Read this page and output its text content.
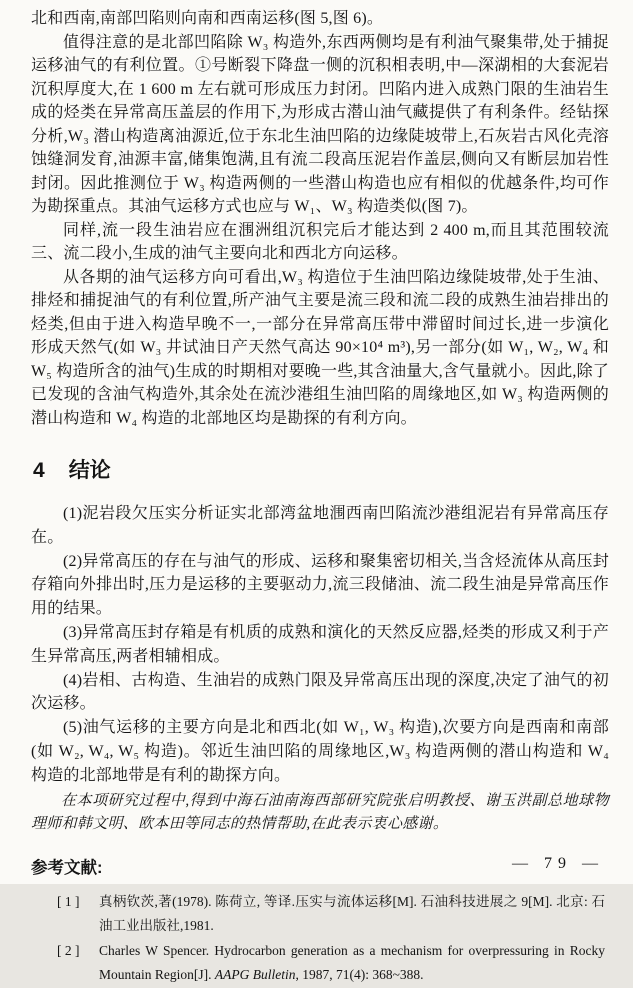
北和西南,南部凹陷则向南和西南运移(图 5,图 6)。

值得注意的是北部凹陷除 W₃ 构造外,东西两侧均是有利油气聚集带,处于捕捉运移油气的有利位置。①号断裂下降盘一侧的沉积相表明,中—深湖相的大套泥岩沉积厚度大,在 1 600 m 左右就可形成压力封闭。凹陷内进入成熟门限的生油岩生成的烃类在异常高压盖层的作用下,为形成古潜山油气藏提供了有利条件。经钻探分析,W₃ 潜山构造离油源近,位于东北生油凹陷的边缘陡坡带上,石灰岩古风化壳溶蚀缝洞发育,油源丰富,储集饱满,且有流二段高压泥岩作盖层,侧向又有断层加岩性封闭。因此推测位于 W₃ 构造两侧的一些潜山构造也应有相似的优越条件,均可作为勘探重点。其油气运移方式也应与 W₁、W₃ 构造类似(图 7)。

同样,流一段生油岩应在涠洲组沉积完后才能达到 2 400 m,而且其范围较流三、流二段小,生成的油气主要向北和西北方向运移。

从各期的油气运移方向可看出,W₃ 构造位于生油凹陷边缘陡坡带,处于生油、排烃和捕捉油气的有利位置,所产油气主要是流三段和流二段的成熟生油岩排出的烃类,但由于进入构造早晚不一,一部分在异常高压带中滞留时间过长,进一步演化形成天然气(如 W₃ 井试油日产天然气高达 90×10⁴ m³),另一部分(如 W₁, W₂, W₄ 和 W₅ 构造所含的油气)生成的时期相对要晚一些,其含油量大,含气量就小。因此,除了已发现的含油气构造外,其余处在流沙港组生油凹陷的周缘地区,如 W₃ 构造两侧的潜山构造和 W₄ 构造的北部地区均是勘探的有利方向。

4 结论

(1)泥岩段欠压实分析证实北部湾盆地涠西南凹陷流沙港组泥岩有异常高压存在。

(2)异常高压的存在与油气的形成、运移和聚集密切相关,当含烃流体从高压封存箱向外排出时,压力是运移的主要驱动力,流三段储油、流二段生油是异常高压作用的结果。

(3)异常高压封存箱是有机质的成熟和演化的天然反应器,烃类的形成又利于产生异常高压,两者相辅相成。

(4)岩相、古构造、生油岩的成熟门限及异常高压出现的深度,决定了油气的初次运移。

(5)油气运移的主要方向是北和西北(如 W₁, W₃ 构造),次要方向是西南和南部(如 W₂, W₄, W₅ 构造)。邻近生油凹陷的周缘地区,W₃ 构造两侧的潜山构造和 W₄ 构造的北部地带是有利的勘探方向。

在本项研究过程中,得到中海石油南海西部研究院张启明教授、谢玉洪副总地球物理师和韩文明、欧本田等同志的热情帮助,在此表示衷心感谢。

参考文献:
[ 1 ]	真柄钦茨,著(1978). 陈荷立, 等译.压实与流体运移[M]. 石油科技进展之 9[M]. 北京: 石油工业出版社,1981.
[ 2 ]	Charles W Spencer. Hydrocarbon generation as a mechanism for overpressuring in Rocky Mountain Region[J]. AAPG Bulletin, 1987, 71(4): 368~388.
— 79 —
